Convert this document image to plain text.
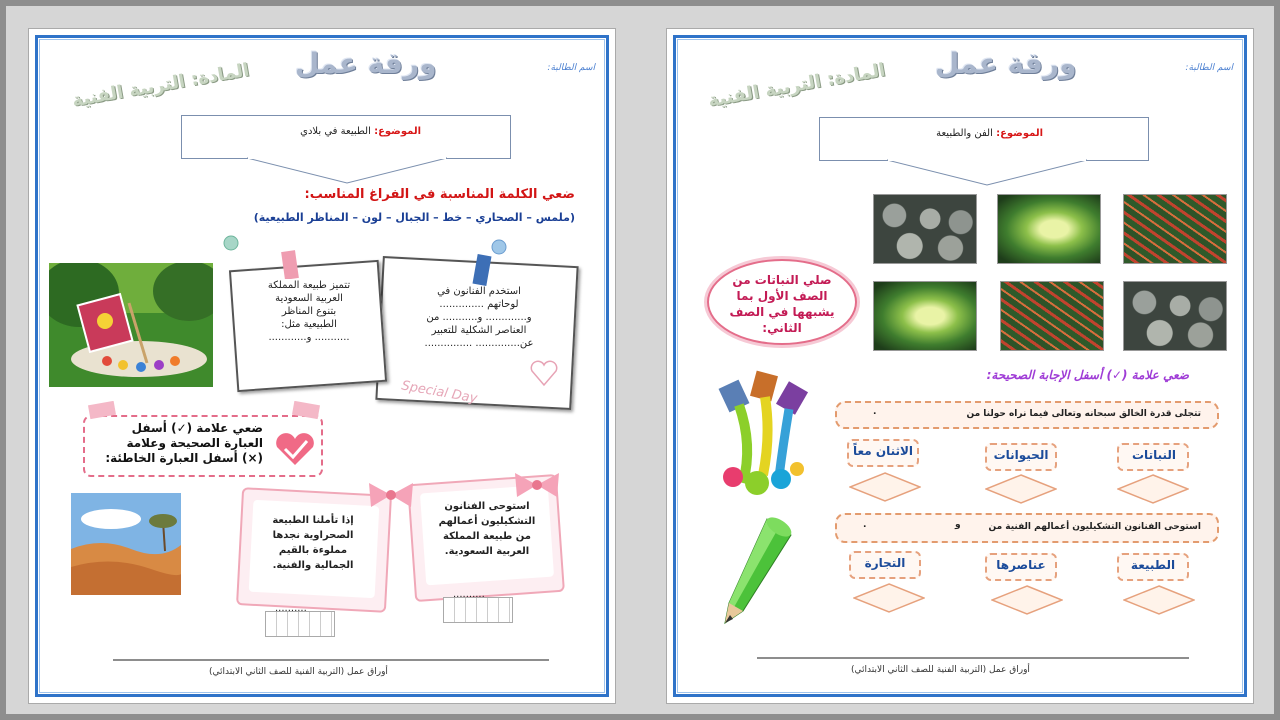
اسم الطالبة:
ورقة عمل
المادة: التربية الفنية
الموضوع: الفن والطبيعة
صلي النباتات من
الصف الأول بما
يشبهها في الصف
الثاني:
ضعي علامة (✓) أسفل الإجابة الصحيحة:
تتجلى قدرة الخالق سبحانه وتعالى فيما نراه حولنا من
.
النباتات
الحيوانات
الاثنان معاً
استوحى الفنانون التشكيليون أعمالهم الفنية من
و
.
الطبيعة
عناصرها
التجارة
أوراق عمل (التربية الفنية للصف الثاني الابتدائي)
اسم الطالبة:
ورقة عمل
المادة: التربية الفنية
الموضوع: الطبيعة في بلادي
ضعي الكلمة المناسبة في الفراغ المناسب:
(ملمس – الصحاري – خط – الجبال – لون – المناظر الطبيعية)
استخدم الفنانون في
لوحاتهم ..............
و............. و........... من
العناصر الشكلية للتعبير
عن.............. ...............
Special Day
تتميز طبيعة المملكة
العربية السعودية
بتنوع المناظر
الطبيعية مثل:
........... و............
ضعي علامة (✓) أسفل
العبارة الصحيحة وعلامة
(×) أسفل العبارة الخاطئة:
استوحى الفنانون
التشكيليون أعمالهم
من طبيعة المملكة
العربية السعودية.
..........
إذا تأملنا الطبيعة
الصحراوية نجدها
مملوءة بالقيم
الجمالية والفنية.
..........
أوراق عمل (التربية الفنية للصف الثاني الابتدائي)
